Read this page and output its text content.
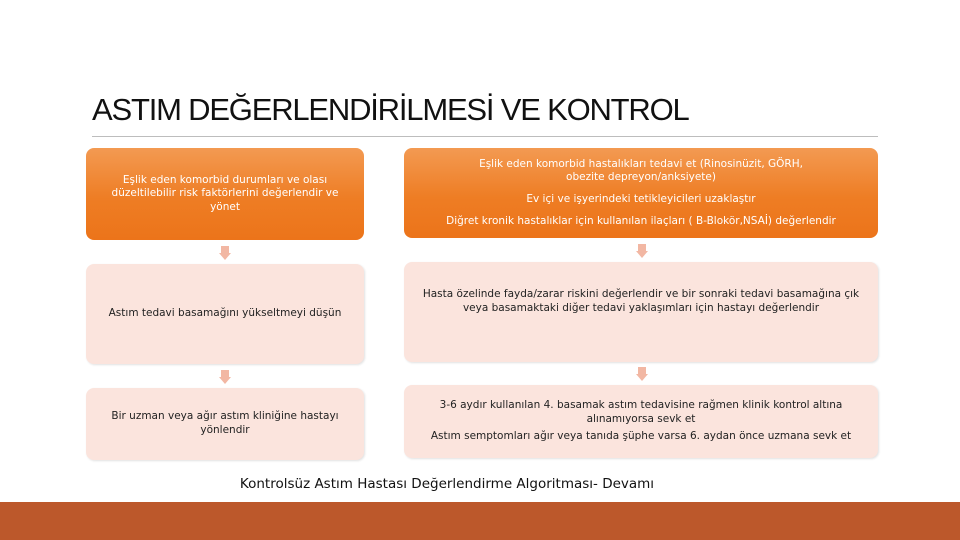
ASTIM DEĞERLENDİRİLMESİ VE KONTROL

Eşlik eden komorbid durumları ve olası düzeltilebilir risk faktörlerini değerlendir ve yönet

Astım tedavi basamağını yükseltmeyi düşün

Bir uzman veya ağır astım kliniğine hastayı yönlendir

Eşlik eden komorbid hastalıkları tedavi et (Rinosinüzit, GÖRH, obezite depreyon/anksiyete)

Ev içi ve işyerindeki tetikleyicileri uzaklaştır

Diğret kronik hastalıklar için kullanılan ilaçları ( B-Blokör,NSAİ) değerlendir

Hasta özelinde fayda/zarar riskini değerlendir ve bir sonraki tedavi basamağına çık veya basamaktaki diğer tedavi yaklaşımları için hastayı değerlendir

3-6 aydır kullanılan 4. basamak astım tedavisine rağmen klinik kontrol altına alınamıyorsa sevk et

Astım semptomları ağır veya tanıda şüphe varsa 6. aydan önce uzmana sevk et

Kontrolsüz Astım Hastası Değerlendirme Algoritması- Devamı
